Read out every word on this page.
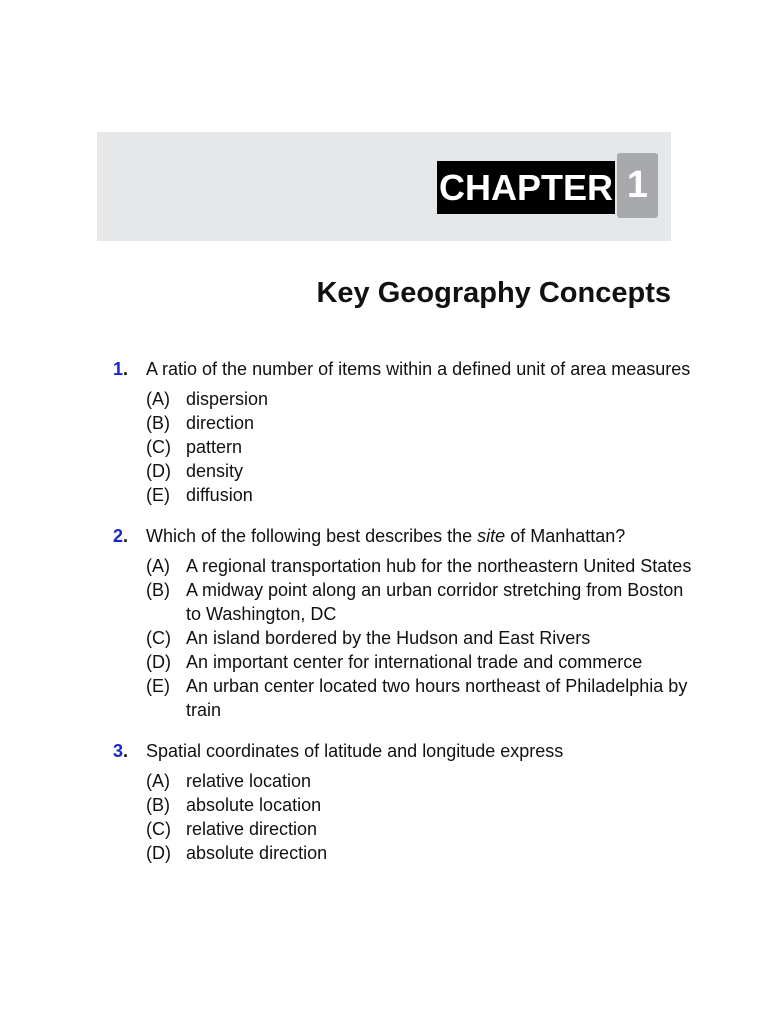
CHAPTER 1
Key Geography Concepts
1. A ratio of the number of items within a defined unit of area measures
(A) dispersion
(B) direction
(C) pattern
(D) density
(E) diffusion
2. Which of the following best describes the site of Manhattan?
(A) A regional transportation hub for the northeastern United States
(B) A midway point along an urban corridor stretching from Boston to Washington, DC
(C) An island bordered by the Hudson and East Rivers
(D) An important center for international trade and commerce
(E) An urban center located two hours northeast of Philadelphia by train
3. Spatial coordinates of latitude and longitude express
(A) relative location
(B) absolute location
(C) relative direction
(D) absolute direction
